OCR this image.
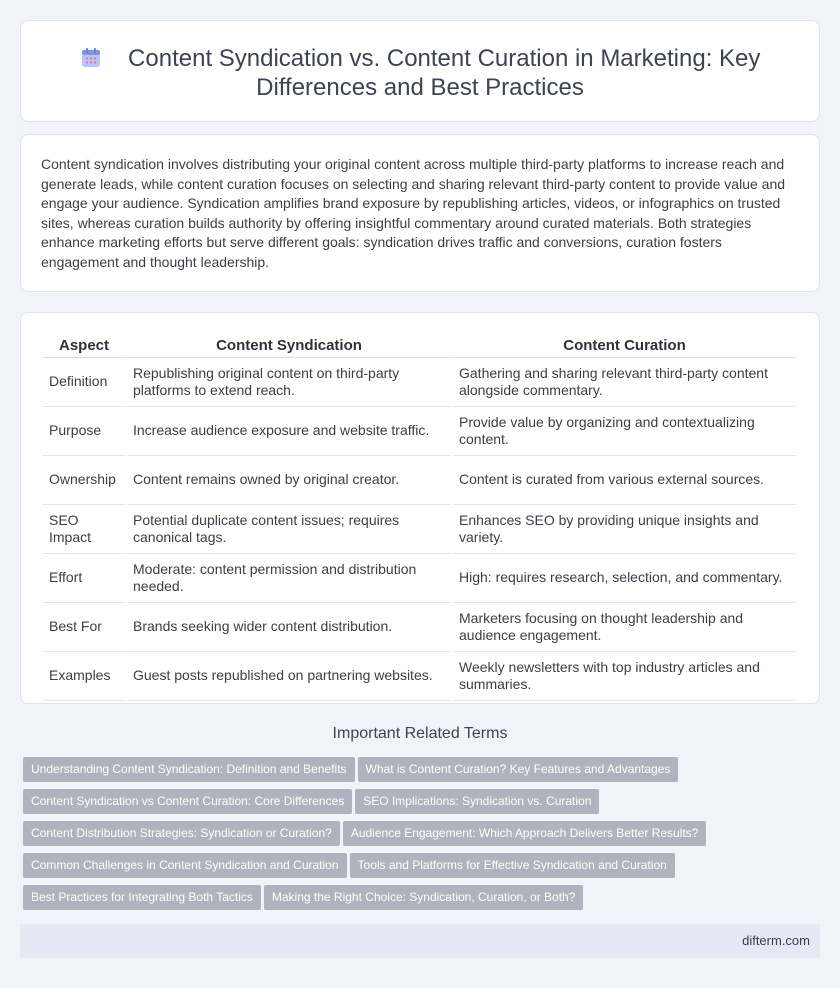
Content Syndication vs. Content Curation in Marketing: Key Differences and Best Practices

Content syndication involves distributing your original content across multiple third-party platforms to increase reach and generate leads, while content curation focuses on selecting and sharing relevant third-party content to provide value and engage your audience. Syndication amplifies brand exposure by republishing articles, videos, or infographics on trusted sites, whereas curation builds authority by offering insightful commentary around curated materials. Both strategies enhance marketing efforts but serve different goals: syndication drives traffic and conversions, curation fosters engagement and thought leadership.

Aspect	Content Syndication	Content Curation
Definition	Republishing original content on third-party platforms to extend reach.	Gathering and sharing relevant third-party content alongside commentary.
Purpose	Increase audience exposure and website traffic.	Provide value by organizing and contextualizing content.
Ownership	Content remains owned by original creator.	Content is curated from various external sources.
SEO Impact	Potential duplicate content issues; requires canonical tags.	Enhances SEO by providing unique insights and variety.
Effort	Moderate: content permission and distribution needed.	High: requires research, selection, and commentary.
Best For	Brands seeking wider content distribution.	Marketers focusing on thought leadership and audience engagement.
Examples	Guest posts republished on partnering websites.	Weekly newsletters with top industry articles and summaries.
Important Related Terms
Understanding Content Syndication: Definition and Benefits What is Content Curation? Key Features and Advantages
Content Syndication vs Content Curation: Core Differences SEO Implications: Syndication vs. Curation
Content Distribution Strategies: Syndication or Curation? Audience Engagement: Which Approach Delivers Better Results?
Common Challenges in Content Syndication and Curation Tools and Platforms for Effective Syndication and Curation
Best Practices for Integrating Both Tactics Making the Right Choice: Syndication, Curation, or Both?
difterm.com
